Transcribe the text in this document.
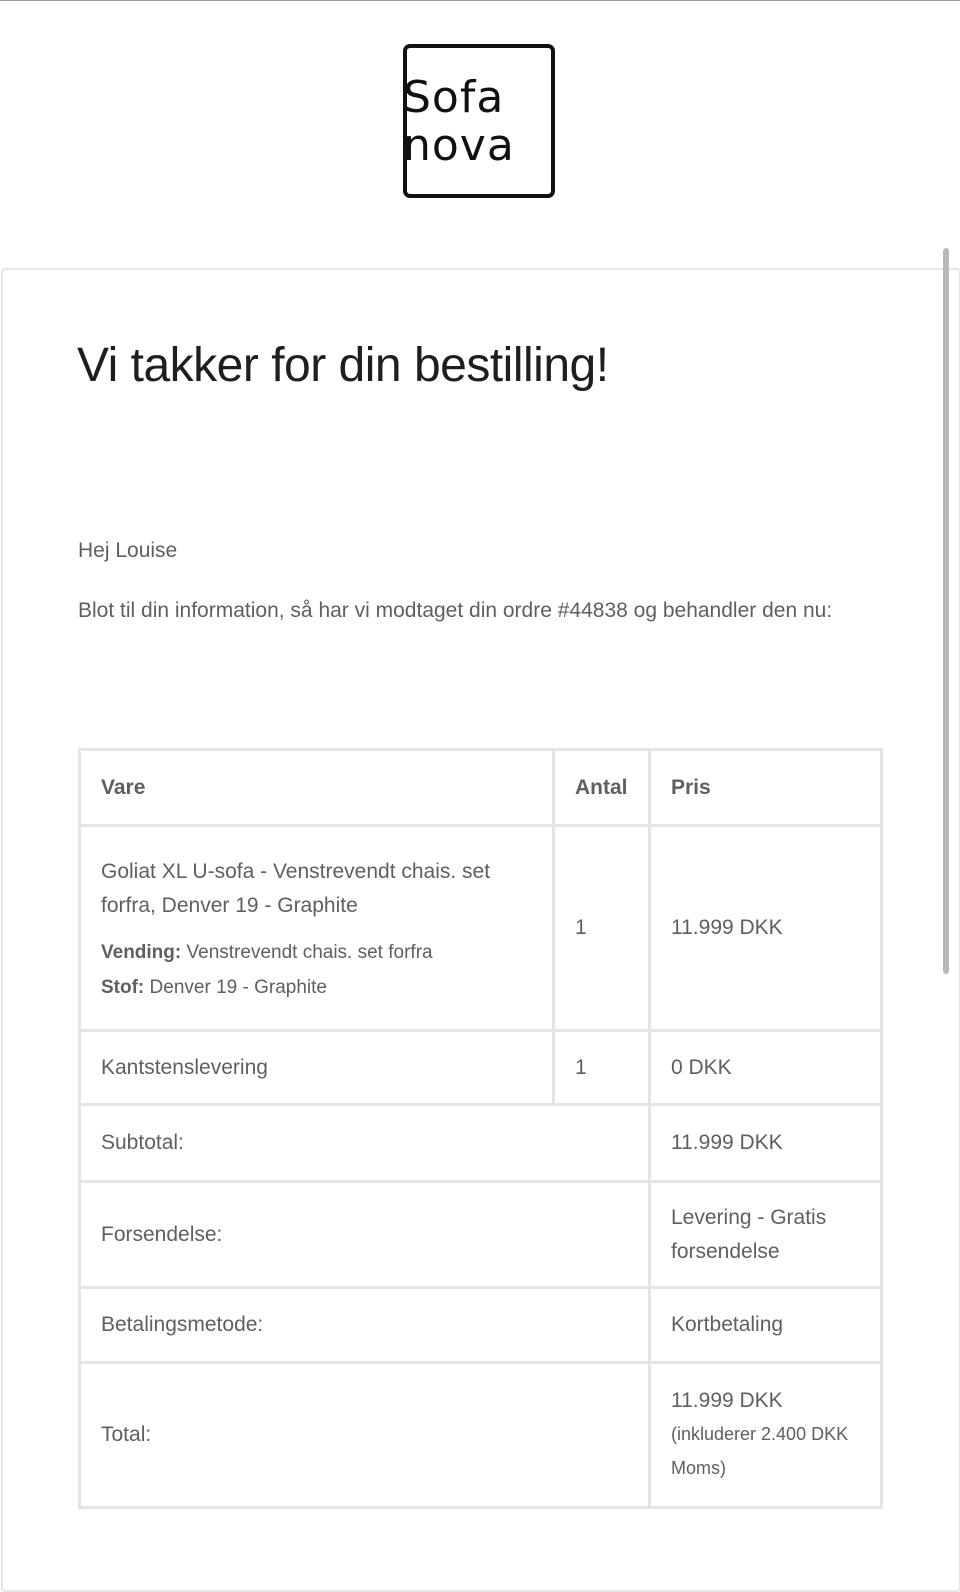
Sofa
nova
Vi takker for din bestilling!
Hej Louise
Blot til din information, så har vi modtaget din ordre #44838 og behandler den nu:
Vare	Antal	Pris

Goliat XL U-sofa - Venstrevendt chais. set forfra, Denver 19 - Graphite
Vending: Venstrevendt chais. set forfra
Stof: Denver 19 - Graphite	1	11.999 DKK
Kantstenslevering	1	0 DKK
Subtotal:		11.999 DKK
Forsendelse:		Levering - Gratis forsendelse
Betalingsmetode:		Kortbetaling
Total:		11.999 DKK
(inkluderer 2.400 DKK Moms)
